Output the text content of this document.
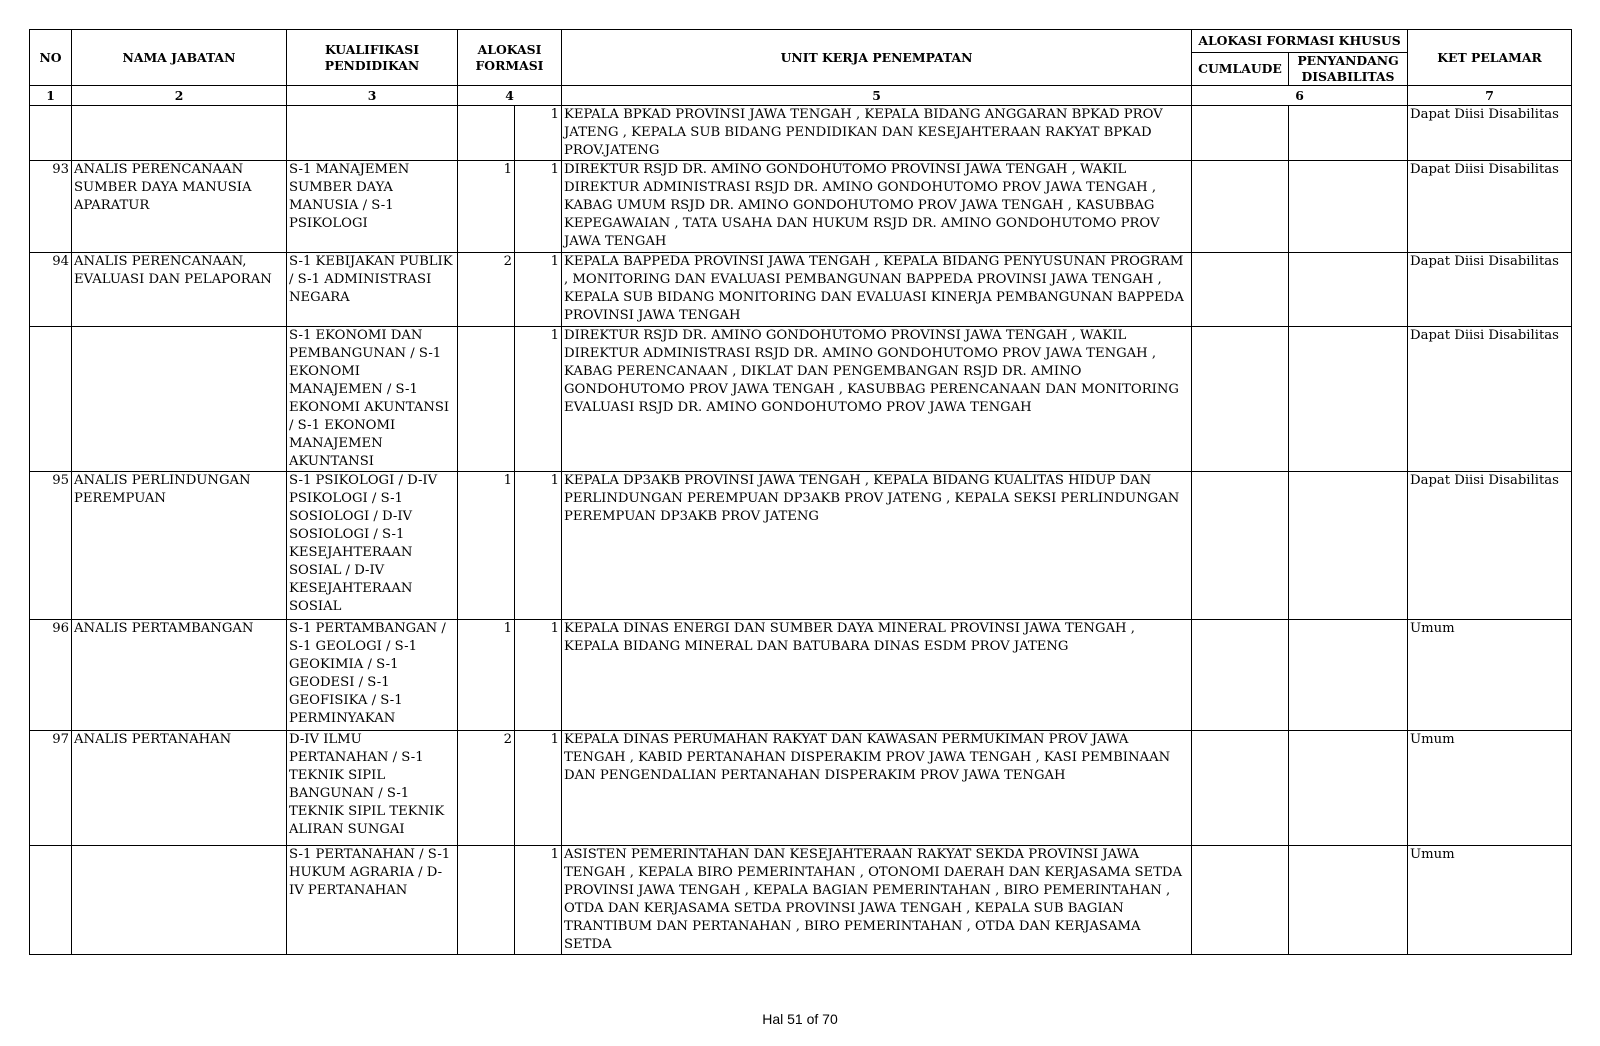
NO	NAMA JABATAN	KUALIFIKASI PENDIDIKAN	ALOKASI FORMASI		UNIT KERJA PENEMPATAN	ALOKASI FORMASI KHUSUS		KET PELAMAR
						CUMLAUDE	PENYANDANG DISABILITAS	
1	2	3	4		5	6		7
				1	KEPALA BPKAD PROVINSI JAWA TENGAH , KEPALA BIDANG ANGGARAN BPKAD PROV JATENG , KEPALA SUB BIDANG PENDIDIKAN DAN KESEJAHTERAAN RAKYAT BPKAD PROV.JATENG			Dapat Diisi Disabilitas
93	ANALIS PERENCANAAN SUMBER DAYA MANUSIA APARATUR	S-1 MANAJEMEN SUMBER DAYA MANUSIA / S-1 PSIKOLOGI	1	1	DIREKTUR RSJD DR. AMINO GONDOHUTOMO PROVINSI JAWA TENGAH , WAKIL DIREKTUR ADMINISTRASI RSJD DR. AMINO GONDOHUTOMO PROV JAWA TENGAH , KABAG UMUM RSJD DR. AMINO GONDOHUTOMO PROV JAWA TENGAH , KASUBBAG KEPEGAWAIAN , TATA USAHA DAN HUKUM RSJD DR. AMINO GONDOHUTOMO PROV JAWA TENGAH			Dapat Diisi Disabilitas
94	ANALIS PERENCANAAN, EVALUASI DAN PELAPORAN	S-1 KEBIJAKAN PUBLIK / S-1 ADMINISTRASI NEGARA	2	1	KEPALA BAPPEDA PROVINSI JAWA TENGAH , KEPALA BIDANG PENYUSUNAN PROGRAM , MONITORING DAN EVALUASI PEMBANGUNAN BAPPEDA PROVINSI JAWA TENGAH , KEPALA SUB BIDANG MONITORING DAN EVALUASI KINERJA PEMBANGUNAN BAPPEDA PROVINSI JAWA TENGAH			Dapat Diisi Disabilitas
		S-1 EKONOMI DAN PEMBANGUNAN / S-1 EKONOMI MANAJEMEN / S-1 EKONOMI AKUNTANSI / S-1 EKONOMI MANAJEMEN AKUNTANSI		1	DIREKTUR RSJD DR. AMINO GONDOHUTOMO PROVINSI JAWA TENGAH , WAKIL DIREKTUR ADMINISTRASI RSJD DR. AMINO GONDOHUTOMO PROV JAWA TENGAH , KABAG PERENCANAAN , DIKLAT DAN PENGEMBANGAN RSJD DR. AMINO GONDOHUTOMO PROV JAWA TENGAH , KASUBBAG PERENCANAAN DAN MONITORING EVALUASI RSJD DR. AMINO GONDOHUTOMO PROV JAWA TENGAH			Dapat Diisi Disabilitas
95	ANALIS PERLINDUNGAN PEREMPUAN	S-1 PSIKOLOGI / D-IV PSIKOLOGI / S-1 SOSIOLOGI / D-IV SOSIOLOGI / S-1 KESEJAHTERAAN SOSIAL / D-IV KESEJAHTERAAN SOSIAL	1	1	KEPALA DP3AKB PROVINSI JAWA TENGAH , KEPALA BIDANG KUALITAS HIDUP DAN PERLINDUNGAN PEREMPUAN DP3AKB PROV JATENG , KEPALA SEKSI PERLINDUNGAN PEREMPUAN DP3AKB PROV JATENG			Dapat Diisi Disabilitas
96	ANALIS PERTAMBANGAN	S-1 PERTAMBANGAN / S-1 GEOLOGI / S-1 GEOKIMIA / S-1 GEODESI / S-1 GEOFISIKA / S-1 PERMINYAKAN	1	1	KEPALA DINAS ENERGI DAN SUMBER DAYA MINERAL PROVINSI JAWA TENGAH , KEPALA BIDANG MINERAL DAN BATUBARA DINAS ESDM PROV JATENG			Umum
97	ANALIS PERTANAHAN	D-IV ILMU PERTANAHAN / S-1 TEKNIK SIPIL BANGUNAN / S-1 TEKNIK SIPIL TEKNIK ALIRAN SUNGAI	2	1	KEPALA DINAS PERUMAHAN RAKYAT DAN KAWASAN PERMUKIMAN PROV JAWA TENGAH , KABID PERTANAHAN DISPERAKIM PROV JAWA TENGAH , KASI PEMBINAAN DAN PENGENDALIAN PERTANAHAN DISPERAKIM PROV JAWA TENGAH			Umum
		S-1 PERTANAHAN / S-1 HUKUM AGRARIA / D-IV PERTANAHAN		1	ASISTEN PEMERINTAHAN DAN KESEJAHTERAAN RAKYAT SEKDA PROVINSI JAWA TENGAH , KEPALA BIRO PEMERINTAHAN , OTONOMI DAERAH DAN KERJASAMA SETDA PROVINSI JAWA TENGAH , KEPALA BAGIAN PEMERINTAHAN , BIRO PEMERINTAHAN , OTDA DAN KERJASAMA SETDA PROVINSI JAWA TENGAH , KEPALA SUB BAGIAN TRANTIBUM DAN PERTANAHAN , BIRO PEMERINTAHAN , OTDA DAN KERJASAMA SETDA			Umum
Hal 51 of 70
